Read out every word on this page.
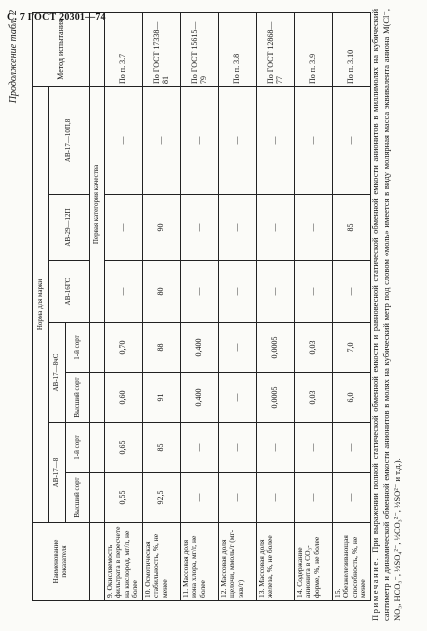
С. 7 ГОСТ 20301—74
Продолжение табл. 2
Наименование показателя	Норма для марки							Метод испытания
	АВ-17—8		АВ-17—8чС		АВ-16ГС	АВ-29—12П	АВ-17—10П,8	
	Высший сорт	1-й сорт	Высший сорт	1-й сорт				
					Первая категория качества			
9. Окисляемость фильтрата в пересчете на кислород, мг/л, не более	0,55	0,65	0,60	0,70	—	—	—	По п. 3.7
10. Осмотическая стабильность, %, не менее	92,5	85	91	88	80	90	—	По ГОСТ 17338—81
11. Массовая доля иона хлора, мг/г, не более	—	—	0,400	0,400	—	—	—	По ГОСТ 15615—79
12. Массовая доля щелочи, ммоль/г (мг-экв/г)	—	—	—	—	—	—	—	По п. 3.8
13. Массовая доля железа, %, не более	—	—	0,0005	0,0005	—	—	—	По ГОСТ 12868—77
14. Содержание анионита в CO₃-форме, %, не более	—	—	0,03	0,03	—	—	—	По п. 3.9
15. Обезжелезивающая способность, %, не менее	—	—	6,0	7,0	—	85	—	По п. 3.10
Примечание. При выражении полной статической обменной емкости и равновесной статической обменной емкости анионитов в миллимолях на кубический сантиметр и динамической обменной емкости анионитов в молях на кубический метр под словом «моль» имеется в виду молярная масса эквивалента аниона M(Cl⁻, NO₃, HCO₃⁻, ½SO₄²⁻, ½CO₃²⁻, ½SO²⁻ и т.д.).
